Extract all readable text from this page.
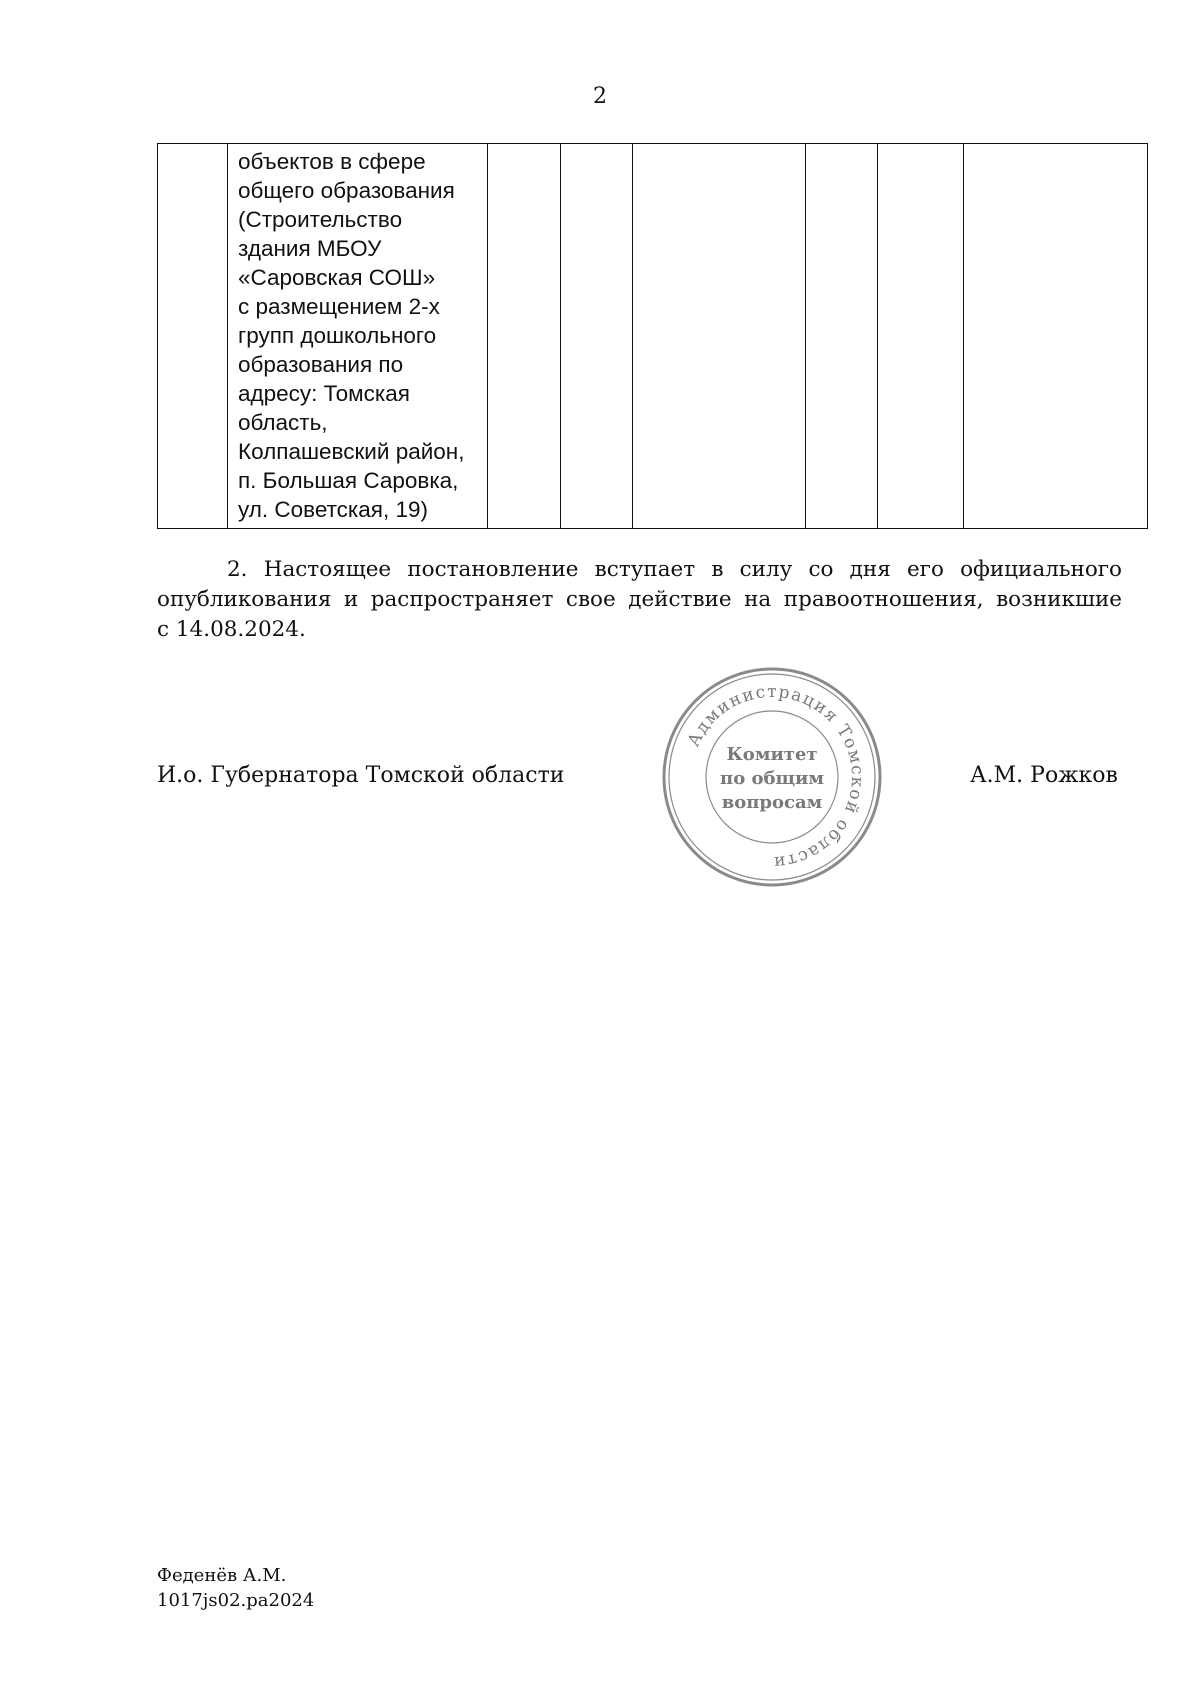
2

объектов в сфере
общего образования
(Строительство
здания МБОУ
«Саровская СОШ»
с размещением 2-х
групп дошкольного
образования по
адресу: Томская
область,
Колпашевский район,
п. Большая Саровка,
ул. Советская, 19)

2. Настоящее постановление вступает в силу со дня его официального
опубликования и распространяет свое действие на правоотношения, возникшие
с 14.08.2024.
И.о. Губернатора Томской области
Администрация Томской области
Комитет
по общим
вопросам
А.М. Рожков
Феденёв А.М.
1017js02.pa2024
